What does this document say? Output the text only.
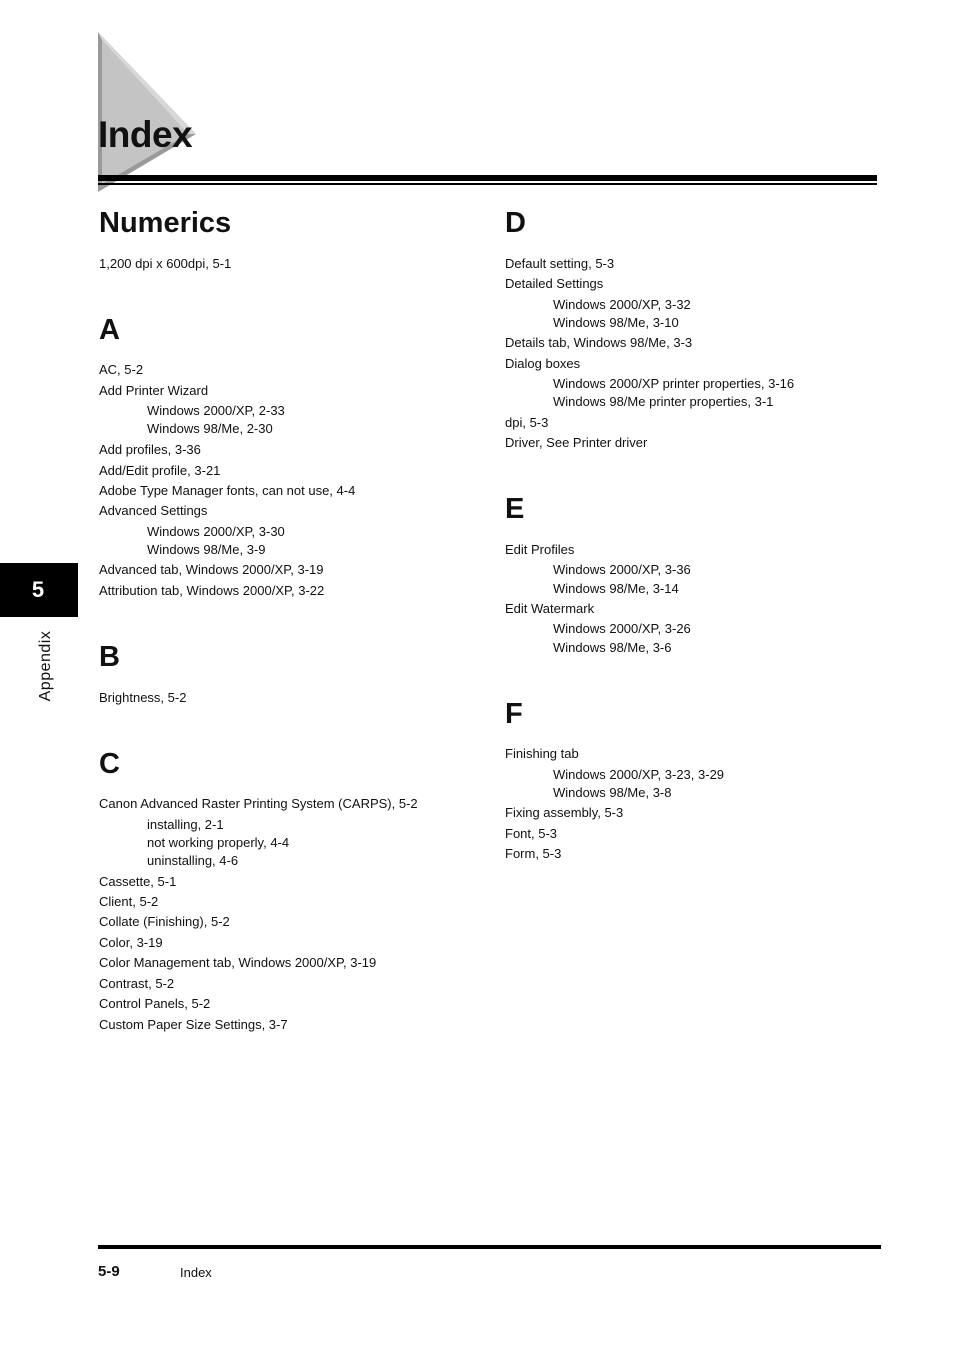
Index
Numerics
1,200 dpi x 600dpi, 5-1
A
AC, 5-2
Add Printer Wizard
Windows 2000/XP, 2-33
Windows 98/Me, 2-30
Add profiles, 3-36
Add/Edit profile, 3-21
Adobe Type Manager fonts, can not use, 4-4
Advanced Settings
Windows 2000/XP, 3-30
Windows 98/Me, 3-9
Advanced tab, Windows 2000/XP, 3-19
Attribution tab, Windows 2000/XP, 3-22
B
Brightness, 5-2
C
Canon Advanced Raster Printing System (CARPS), 5-2
installing, 2-1
not working properly, 4-4
uninstalling, 4-6
Cassette, 5-1
Client, 5-2
Collate (Finishing), 5-2
Color, 3-19
Color Management tab, Windows 2000/XP, 3-19
Contrast, 5-2
Control Panels, 5-2
Custom Paper Size Settings, 3-7
D
Default setting, 5-3
Detailed Settings
Windows 2000/XP, 3-32
Windows 98/Me, 3-10
Details tab, Windows 98/Me, 3-3
Dialog boxes
Windows 2000/XP printer properties, 3-16
Windows 98/Me printer properties, 3-1
dpi, 5-3
Driver, See Printer driver
E
Edit Profiles
Windows 2000/XP, 3-36
Windows 98/Me, 3-14
Edit Watermark
Windows 2000/XP, 3-26
Windows 98/Me, 3-6
F
Finishing tab
Windows 2000/XP, 3-23, 3-29
Windows 98/Me, 3-8
Fixing assembly, 5-3
Font, 5-3
Form, 5-3
5
Appendix
5-9	Index
